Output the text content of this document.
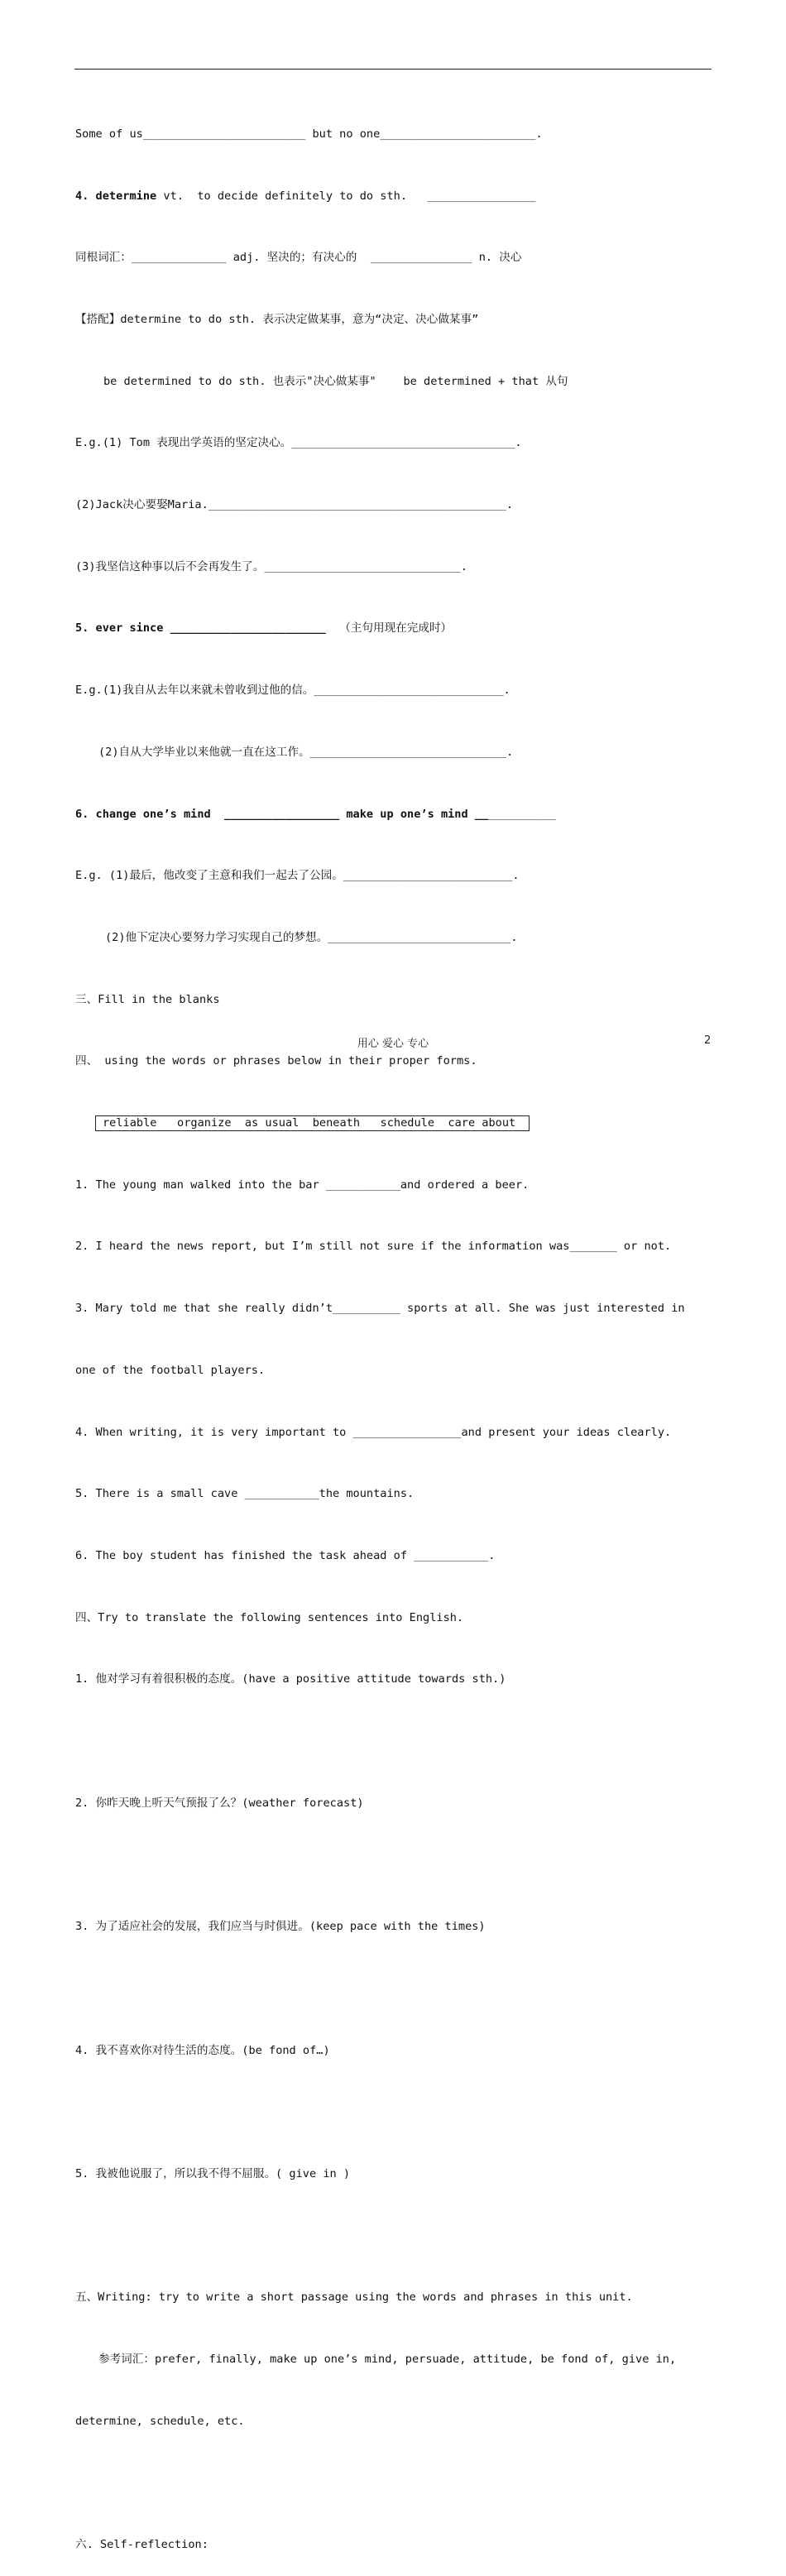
Some of us________________________ but no one_______________________.

4. determine vt.  to decide definitely to do sth.   ________________

同根词汇：______________ adj. 坚决的；有决心的  _______________ n. 决心

【搭配】determine to do sth. 表示决定做某事，意为“决定、决心做某事”

be determined to do sth. 也表示"决心做某事"    be determined + that 从句

E.g.(1) Tom 表现出学英语的坚定决心。_________________________________.

(2)Jack决心要娶Maria.____________________________________________.

(3)我坚信这种事以后不会再发生了。_____________________________.

5. ever since _______________________  （主句用现在完成时）

E.g.(1)我自从去年以来就未曾收到过他的信。____________________________.

(2)自从大学毕业以来他就一直在这工作。_____________________________.

6. change one’s mind  _________________ make up one’s mind ____________

E.g. (1)最后，他改变了主意和我们一起去了公园。_________________________.

(2)他下定决心要努力学习实现自己的梦想。___________________________.

三、Fill in the blanks

四、 using the words or phrases below in their proper forms.

reliable   organize  as usual  beneath   schedule  care about

1. The young man walked into the bar ___________and ordered a beer.

2. I heard the news report, but I’m still not sure if the information was_______ or not.

3. Mary told me that she really didn’t__________ sports at all. She was just interested in

one of the football players.

4. When writing, it is very important to ________________and present your ideas clearly.

5. There is a small cave ___________the mountains.

6. The boy student has finished the task ahead of ___________.

四、Try to translate the following sentences into English.

1. 他对学习有着很积极的态度。(have a positive attitude towards sth.)

2. 你昨天晚上听天气预报了么？(weather forecast)

3. 为了适应社会的发展，我们应当与时俱进。(keep pace with the times)

4. 我不喜欢你对待生活的态度。(be fond of…)

5. 我被他说服了，所以我不得不屈服。( give in )

五、Writing: try to write a short passage using the words and phrases in this unit.

参考词汇：prefer, finally, make up one’s mind, persuade, attitude, be fond of, give in,

determine, schedule, etc.

六. Self-reflection:

用心 爱心 专心	2
